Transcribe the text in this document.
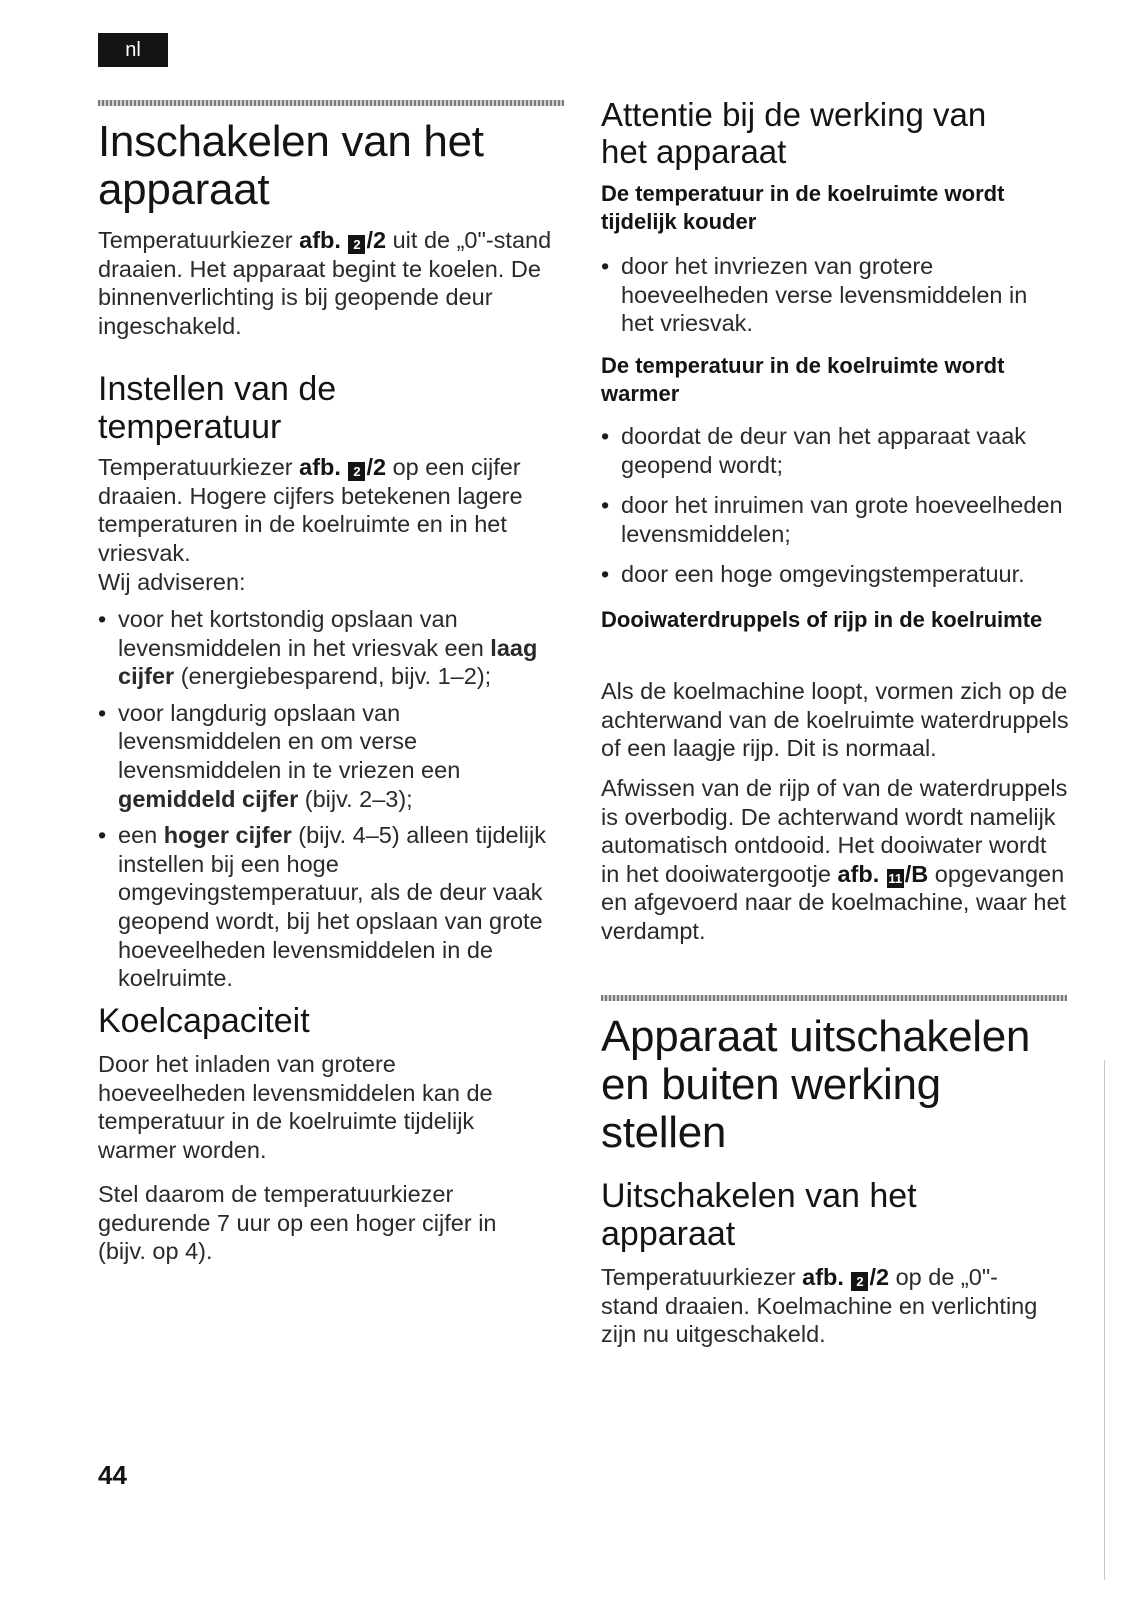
nl
Inschakelen van het
apparaat

Temperatuurkiezer afb. 2 /2 uit de „0"-stand draaien. Het apparaat begint te koelen. De binnenverlichting is bij geopende deur ingeschakeld.

Instellen van de
temperatuur

Temperatuurkiezer afb. 2 /2 op een cijfer draaien. Hogere cijfers betekenen lagere temperaturen in de koelruimte en in het vriesvak.

Wij adviseren:

• voor het kortstondig opslaan van levensmiddelen in het vriesvak een laag cijfer (energiebesparend, bijv. 1–2);
• voor langdurig opslaan van levensmiddelen en om verse levensmiddelen in te vriezen een gemiddeld cijfer (bijv. 2–3);
• een hoger cijfer (bijv. 4–5) alleen tijdelijk instellen bij een hoge omgevingstemperatuur, als de deur vaak geopend wordt, bij het opslaan van grote hoeveelheden levensmiddelen in de koelruimte.
Koelcapaciteit

Door het inladen van grotere hoeveelheden levensmiddelen kan de temperatuur in de koelruimte tijdelijk warmer worden.

Stel daarom de temperatuurkiezer gedurende 7 uur op een hoger cijfer in (bijv. op 4).

Attentie bij de werking van
het apparaat
De temperatuur in de koelruimte wordt tijdelijk kouder
• door het invriezen van grotere hoeveelheden verse levensmiddelen in het vriesvak.
De temperatuur in de koelruimte wordt warmer
• doordat de deur van het apparaat vaak geopend wordt;
• door het inruimen van grote hoeveelheden levensmiddelen;
• door een hoge omgevingstemperatuur.
Dooiwaterdruppels of rijp in de koelruimte

Als de koelmachine loopt, vormen zich op de achterwand van de koelruimte waterdruppels of een laagje rijp. Dit is normaal.

Afwissen van de rijp of van de waterdruppels is overbodig. De achterwand wordt namelijk automatisch ontdooid. Het dooiwater wordt in het dooiwatergootje afb. 11 /B opgevangen en afgevoerd naar de koelmachine, waar het verdampt.

Apparaat uitschakelen
en buiten werking
stellen
Uitschakelen van het
apparaat

Temperatuurkiezer afb. 2 /2 op de „0"-stand draaien. Koelmachine en verlichting zijn nu uitgeschakeld.

44
